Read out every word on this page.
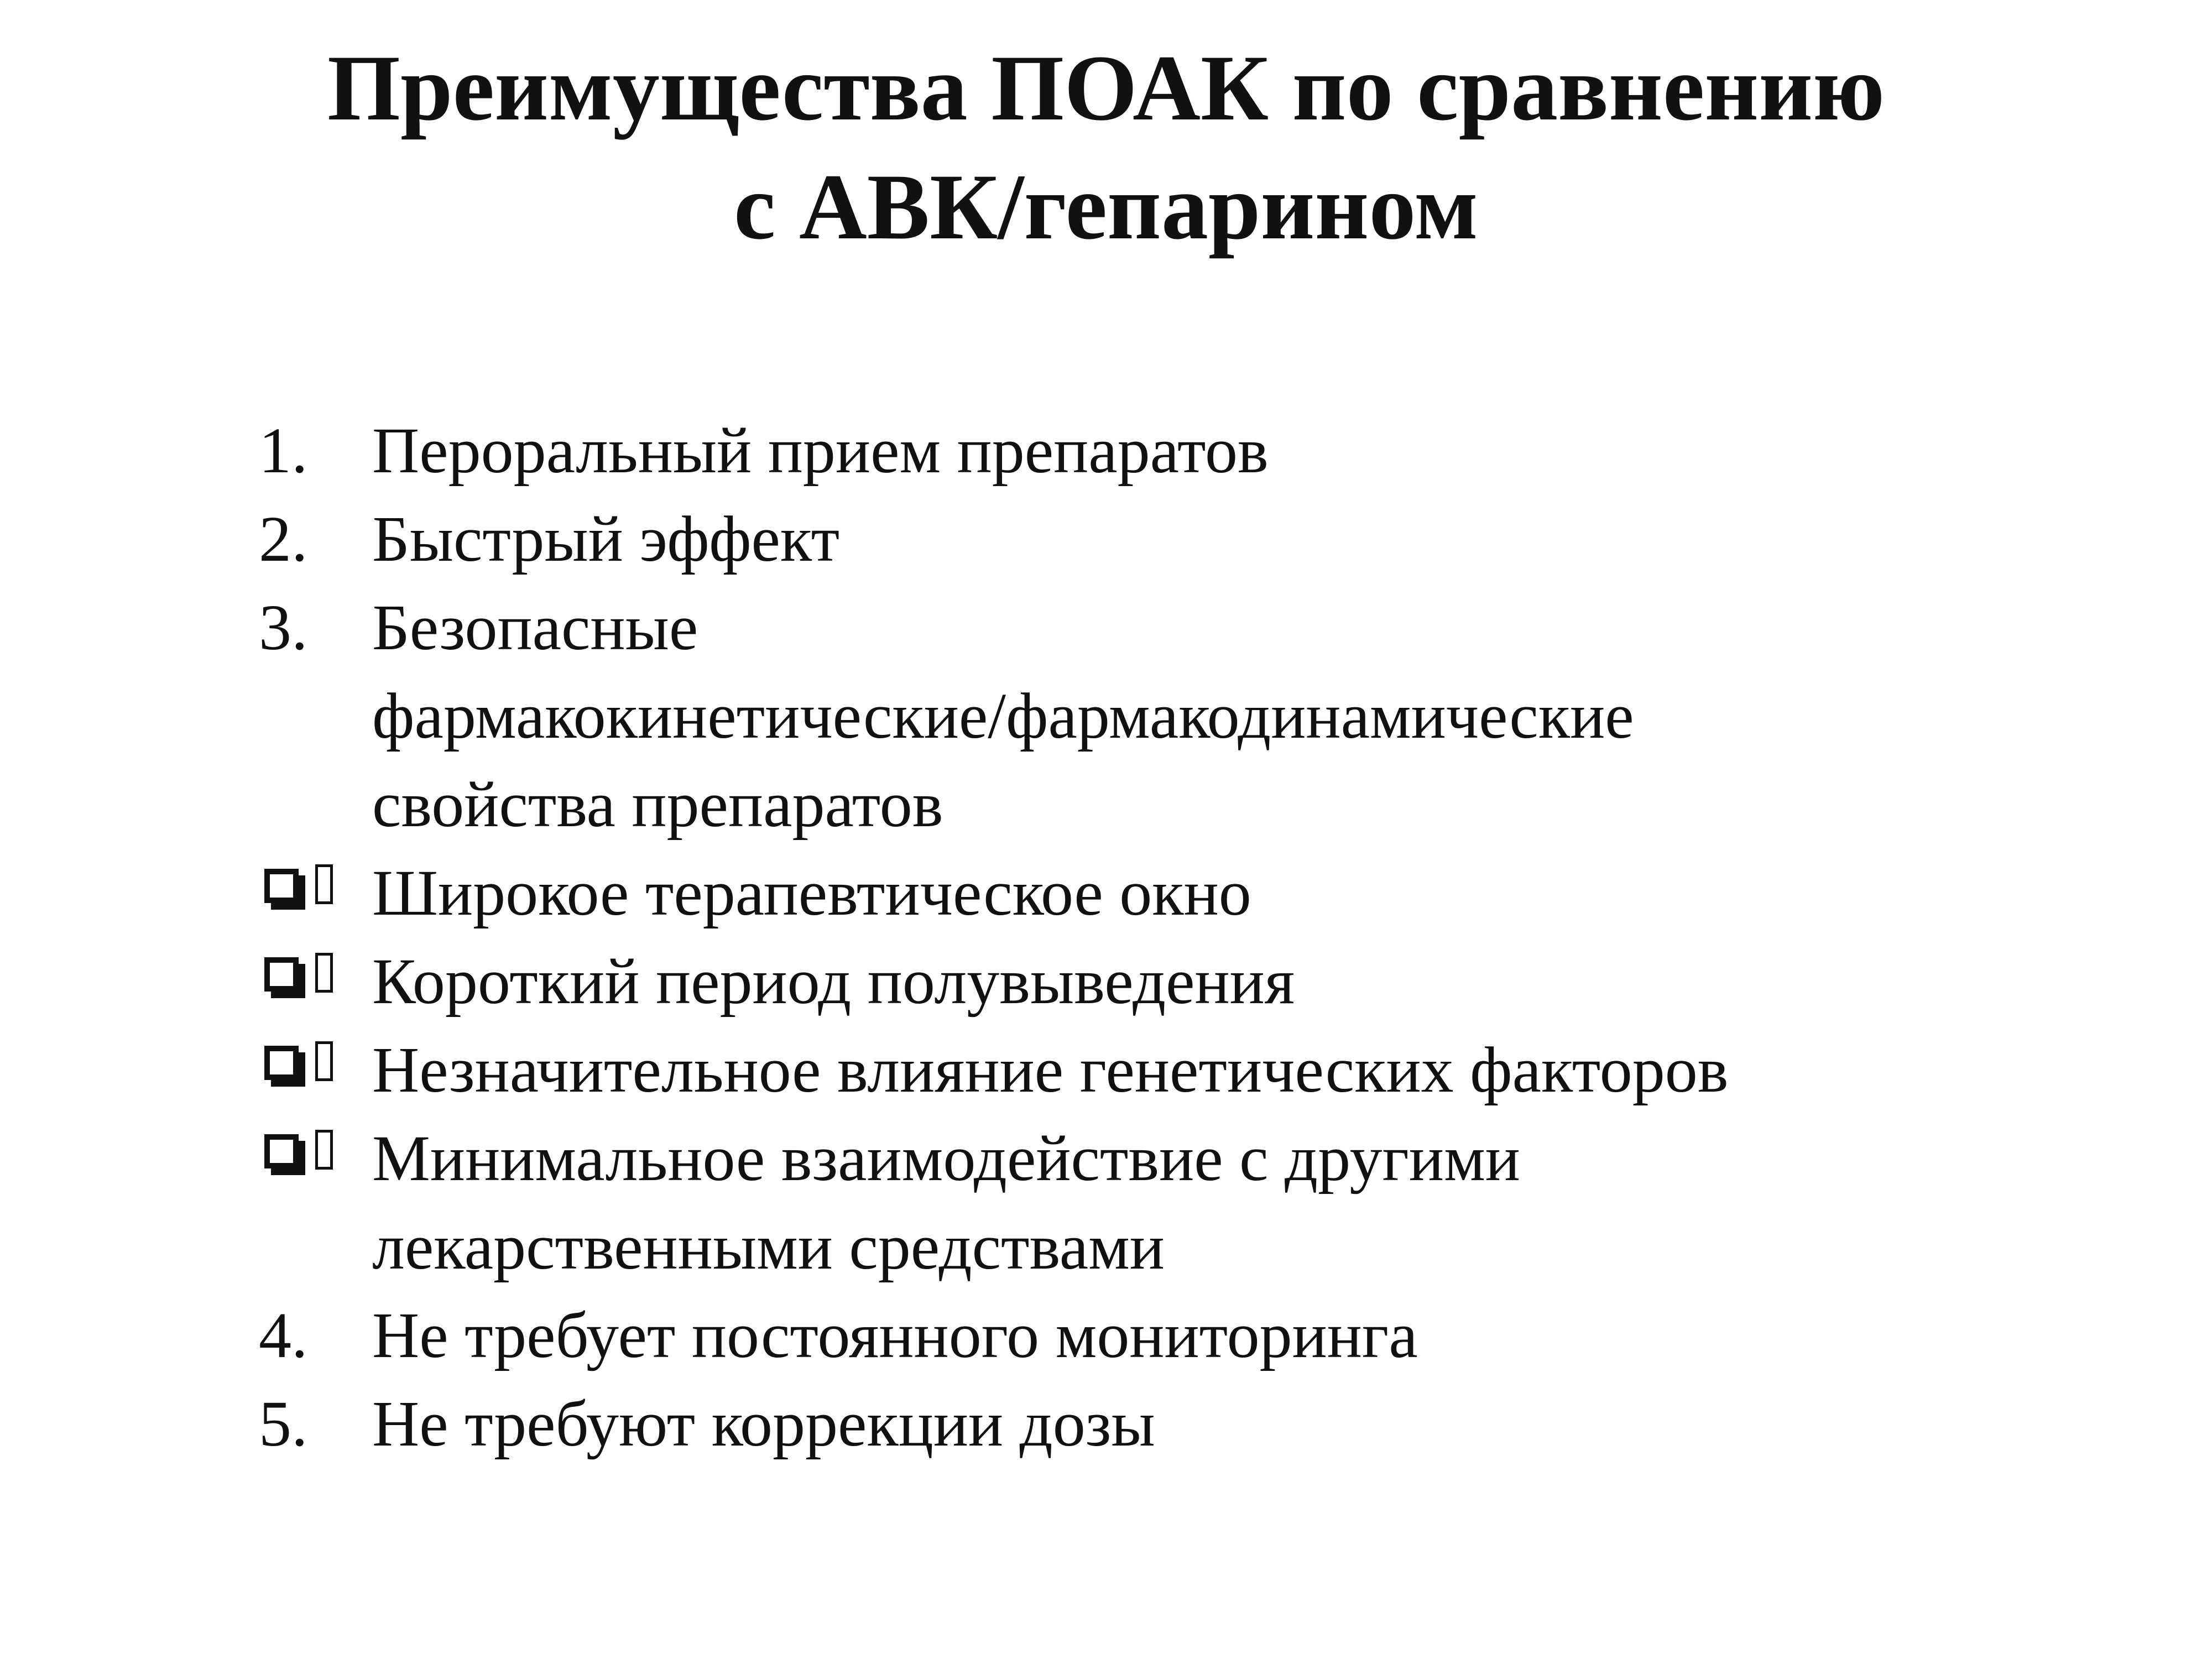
Преимущества ПОАК по сравнению
с АВК/гепарином
1. Пероральный прием препаратов
2. Быстрый эффект
3. Безопасные
фармакокинетические/фармакодинамические
свойства препаратов
Широкое терапевтическое окно
Короткий период полувыведения
Незначительное влияние генетических факторов
Минимальное взаимодействие с другими
лекарственными средствами
4. Не требует постоянного мониторинга
5. Не требуют коррекции дозы
